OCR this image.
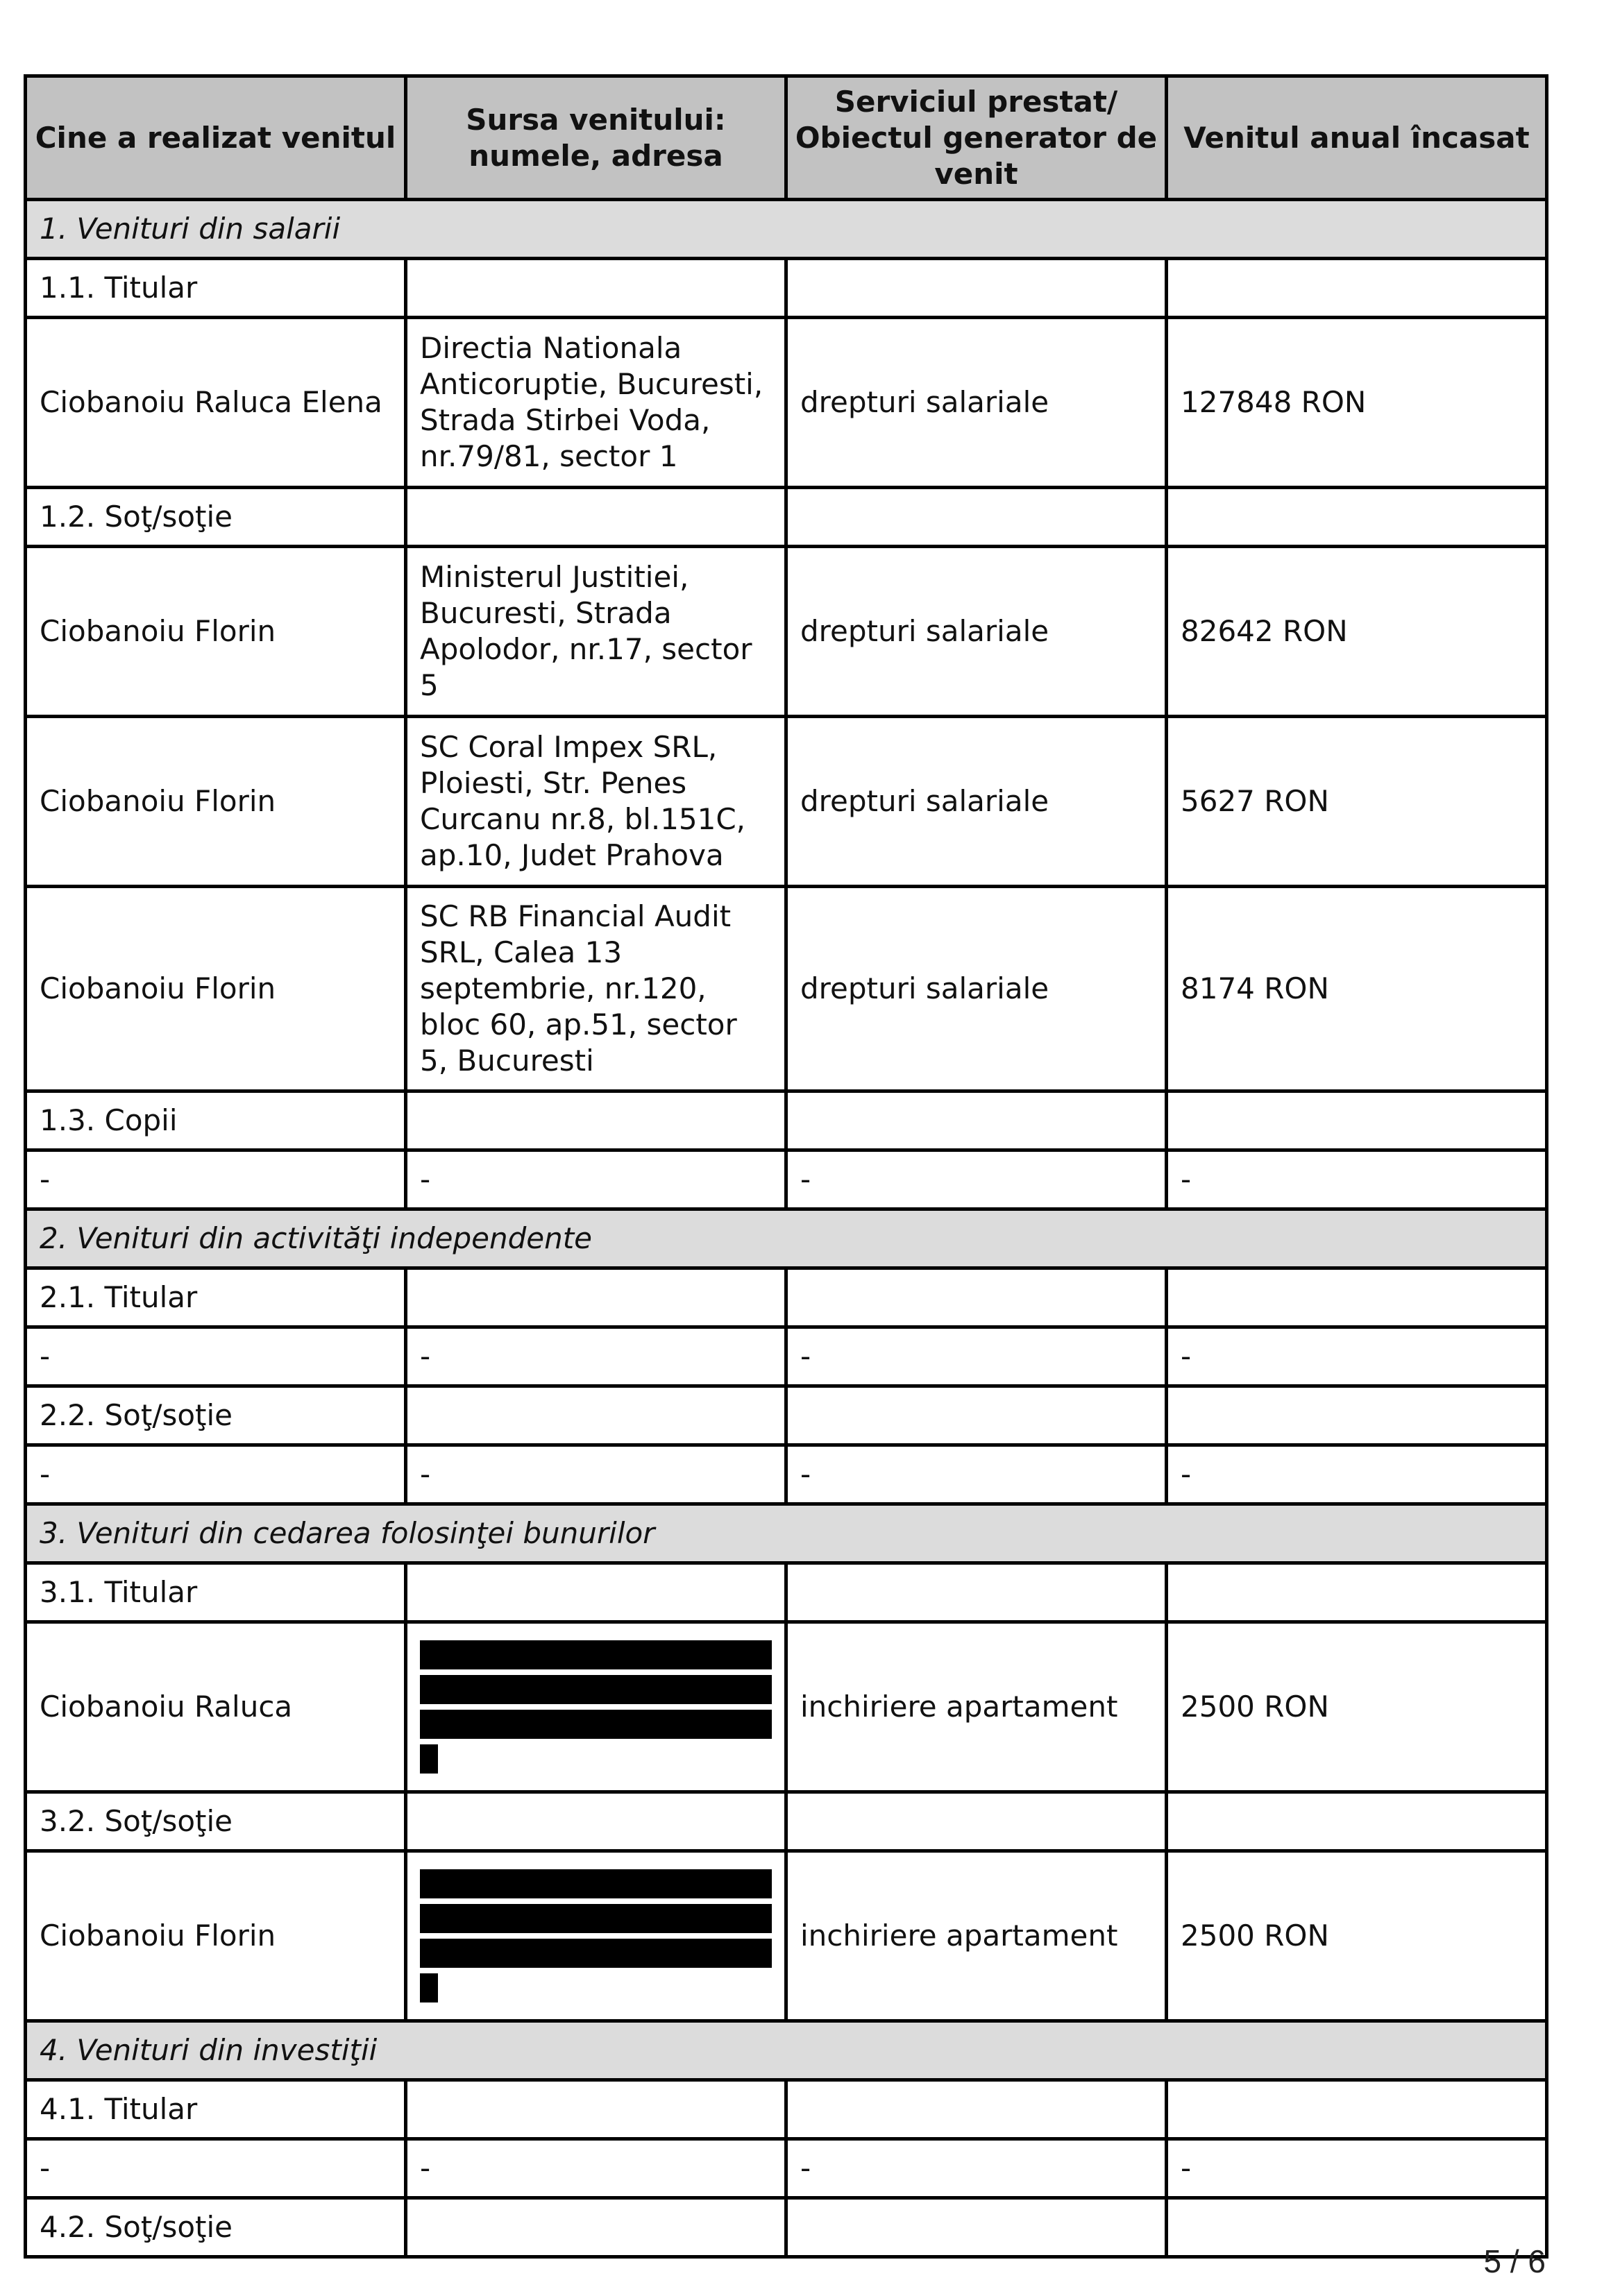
Cine a realizat venitul	Sursa venitului: numele, adresa	Serviciul prestat/ Obiectul generator de venit	Venitul anual încasat
1. Venituri din salarii			
1.1. Titular			
Ciobanoiu Raluca Elena	Directia Nationala Anticoruptie, Bucuresti, Strada Stirbei Voda, nr.79/81, sector 1	drepturi salariale	127848 RON
1.2. Soţ/soţie			
Ciobanoiu Florin	Ministerul Justitiei, Bucuresti, Strada Apolodor, nr.17, sector 5	drepturi salariale	82642 RON
Ciobanoiu Florin	SC Coral Impex SRL, Ploiesti, Str. Penes Curcanu nr.8, bl.151C, ap.10, Judet Prahova	drepturi salariale	5627 RON
Ciobanoiu Florin	SC RB Financial Audit SRL, Calea 13 septembrie, nr.120, bloc 60, ap.51, sector 5, Bucuresti	drepturi salariale	8174 RON
1.3. Copii			
-	-	-	-
2. Venituri din activităţi independente			
2.1. Titular			
-	-	-	-
2.2. Soţ/soţie			
-	-	-	-
3. Venituri din cedarea folosinţei bunurilor			
3.1. Titular			
Ciobanoiu Raluca		inchiriere apartament	2500 RON
3.2. Soţ/soţie			
Ciobanoiu Florin		inchiriere apartament	2500 RON
4. Venituri din investiţii			
4.1. Titular			
-	-	-	-
4.2. Soţ/soţie			
5 / 6
